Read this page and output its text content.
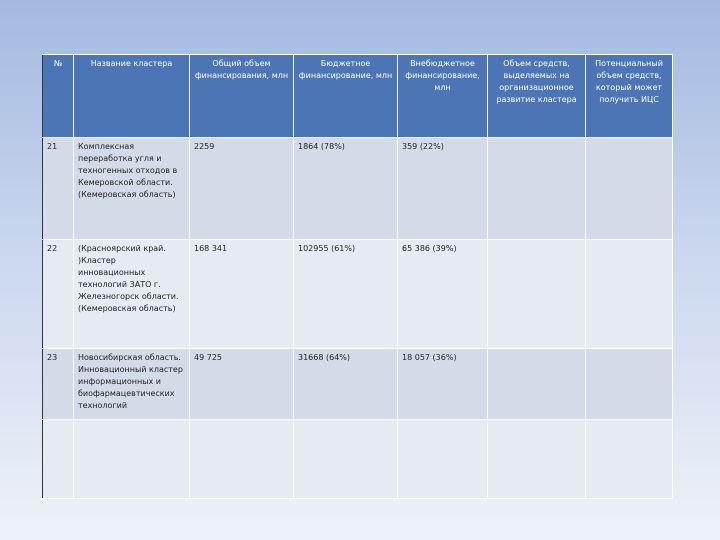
№	Название кластера	Общий объем финансирования, млн	Бюджетное финансирование, млн	Внебюджетное финансирование, млн	Объем средств, выделяемых на организационное развитие кластера	Потенциальный объем средств, который может получить ИЦС
21	Комплексная переработка угля и техногенных отходов в Кемеровской области.(Кемеровская область)	2259	1864 (78%)	359 (22%)		
22	(Красноярский край. )Кластер инновационных технологий ЗАТО г. Железногорск области.(Кемеровская область)	168 341	102955 (61%)	65 386 (39%)		
23	Новосибирская область. Инновационный кластер информационных и биофармацевтических технологий	49 725	31668 (64%)	18 057 (36%)		
